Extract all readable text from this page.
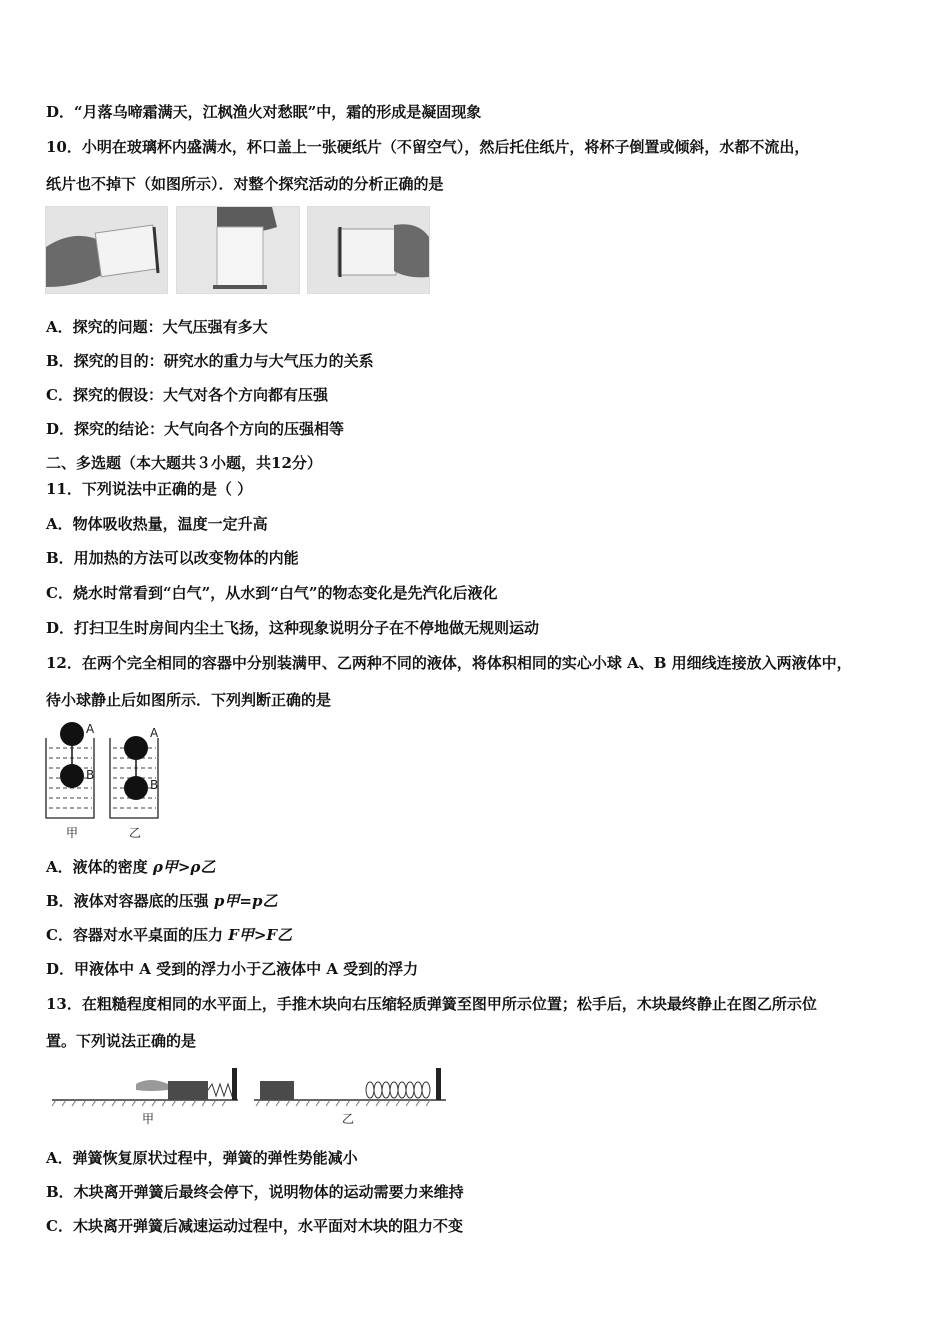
D．“月落乌啼霜满天，江枫渔火对愁眠”中，霜的形成是凝固现象
10．小明在玻璃杯内盛满水，杯口盖上一张硬纸片（不留空气），然后托住纸片，将杯子倒置或倾斜，水都不流出，
纸片也不掉下（如图所示）．对整个探究活动的分析正确的是
A．探究的问题：大气压强有多大
B．探究的目的：研究水的重力与大气压力的关系
C．探究的假设：大气对各个方向都有压强
D．探究的结论：大气向各个方向的压强相等
二、多选题（本大题共３小题，共12分）
11．下列说法中正确的是（ ）
A．物体吸收热量，温度一定升高
B．用加热的方法可以改变物体的内能
C．烧水时常看到“白气”，从水到“白气”的物态变化是先汽化后液化
D．打扫卫生时房间内尘土飞扬，这种现象说明分子在不停地做无规则运动
12．在两个完全相同的容器中分别装满甲、乙两种不同的液体，将体积相同的实心小球 A、B 用细线连接放入两液体中，
待小球静止后如图所示．下列判断正确的是
A
B
A
B
甲	乙
A．液体的密度 ρ甲>ρ乙
B．液体对容器底的压强 p甲=p乙
C．容器对水平桌面的压力 F甲>F乙
D．甲液体中 A 受到的浮力小于乙液体中 A 受到的浮力
13．在粗糙程度相同的水平面上，手推木块向右压缩轻质弹簧至图甲所示位置；松手后，木块最终静止在图乙所示位
置。下列说法正确的是
甲	乙
A．弹簧恢复原状过程中，弹簧的弹性势能减小
B．木块离开弹簧后最终会停下，说明物体的运动需要力来维持
C．木块离开弹簧后减速运动过程中，水平面对木块的阻力不变
